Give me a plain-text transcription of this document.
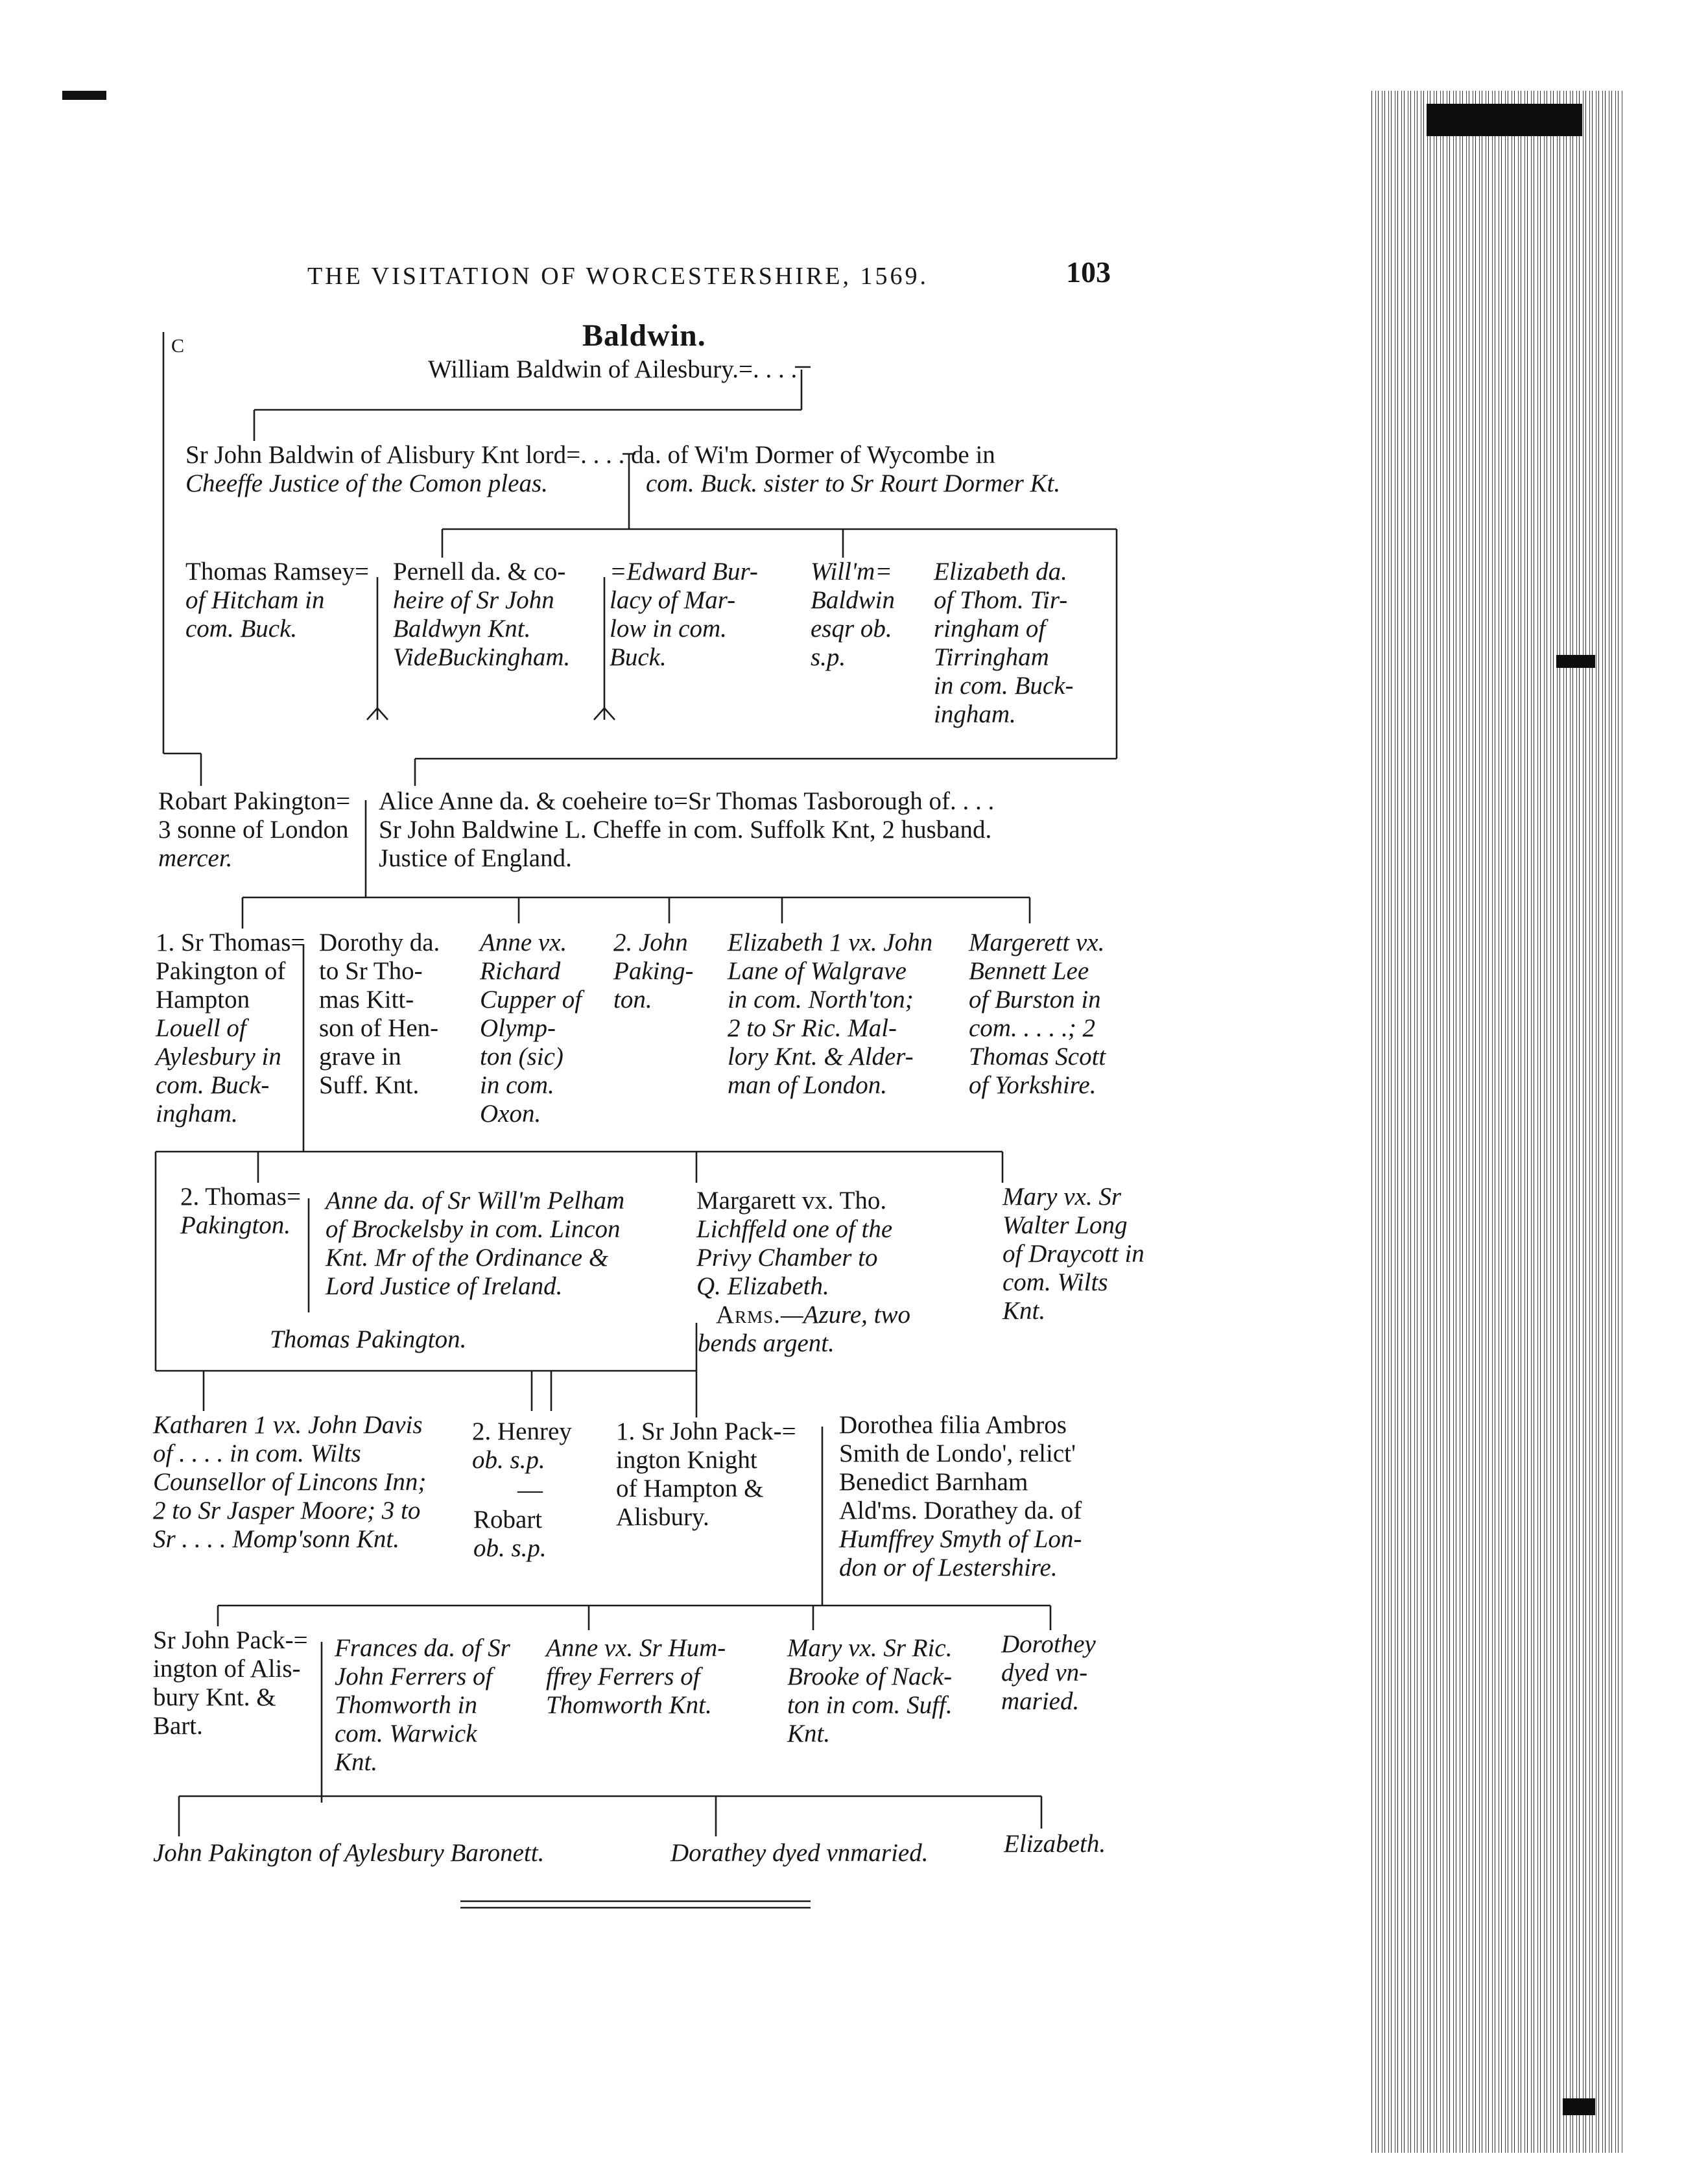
THE VISITATION OF WORCESTERSHIRE, 1569.	103
C	Baldwin.
William Baldwin of Ailesbury.=. . . .
Sr John Baldwin of Alisbury Knt lord=. . . . da. of Wi'm Dormer of Wycombe in
Cheeffe Justice of the Comon pleas.	com. Buck. sister to Sr Rourt Dormer Kt.
Thomas Ramsey=
of Hitcham in
com. Buck.
Pernell da. & co-
heire of Sr John
Baldwyn Knt.
VideBuckingham.
=Edward Bur-
lacy of Mar-
low in com.
Buck.
Will'm=
Baldwin
esqr ob.
s.p.
Elizabeth da.
of Thom. Tir-
ringham of
Tirringham
in com. Buck-
ingham.
Robart Pakington=
3 sonne of London
mercer.
Alice Anne da. & coeheire to=Sr Thomas Tasborough of. . . .
Sr John Baldwine L. Cheffe in com. Suffolk Knt, 2 husband.
Justice of England.
1. Sr Thomas=
Pakington of
Hampton
Louell of
Aylesbury in
com. Buck-
ingham.
Dorothy da.
to Sr Tho-
mas Kitt-
son of Hen-
grave in
Suff. Knt.
Anne vx.
Richard
Cupper of
Olymp-
ton (sic)
in com.
Oxon.
2. John
Paking-
ton.
Elizabeth 1 vx. John
Lane of Walgrave
in com. North'ton;
2 to Sr Ric. Mal-
lory Knt. & Alder-
man of London.
Margerett vx.
Bennett Lee
of Burston in
com. . . . .; 2
Thomas Scott
of Yorkshire.
2. Thomas=
Pakington.
Anne da. of Sr Will'm Pelham
of Brockelsby in com. Lincon
Knt. Mr of the Ordinance &
Lord Justice of Ireland.
Thomas Pakington.
Margarett vx. Tho.
Lichffeld one of the
Privy Chamber to
Q. Elizabeth.
Arms.—Azure, two
bends argent.
Mary vx. Sr
Walter Long
of Draycott in
com. Wilts
Knt.
Katharen 1 vx. John Davis
of . . . . in com. Wilts
Counsellor of Lincons Inn;
2 to Sr Jasper Moore; 3 to
Sr . . . . Momp'sonn Knt.
2. Henrey
ob. s.p.
—
Robart
ob. s.p.
1. Sr John Pack-=
ington Knight
of Hampton &
Alisbury.
Dorothea filia Ambros
Smith de Londo', relict'
Benedict Barnham
Ald'ms. Dorathey da. of
Humffrey Smyth of Lon-
don or of Lestershire.
Sr John Pack-=
ington of Alis-
bury Knt. &
Bart.
Frances da. of Sr
John Ferrers of
Thomworth in
com. Warwick
Knt.
Anne vx. Sr Hum-
ffrey Ferrers of
Thomworth Knt.
Mary vx. Sr Ric.
Brooke of Nack-
ton in com. Suff.
Knt.
Dorothey
dyed vn-
maried.
John Pakington of Aylesbury Baronett.	Dorathey dyed vnmaried.	Elizabeth.
